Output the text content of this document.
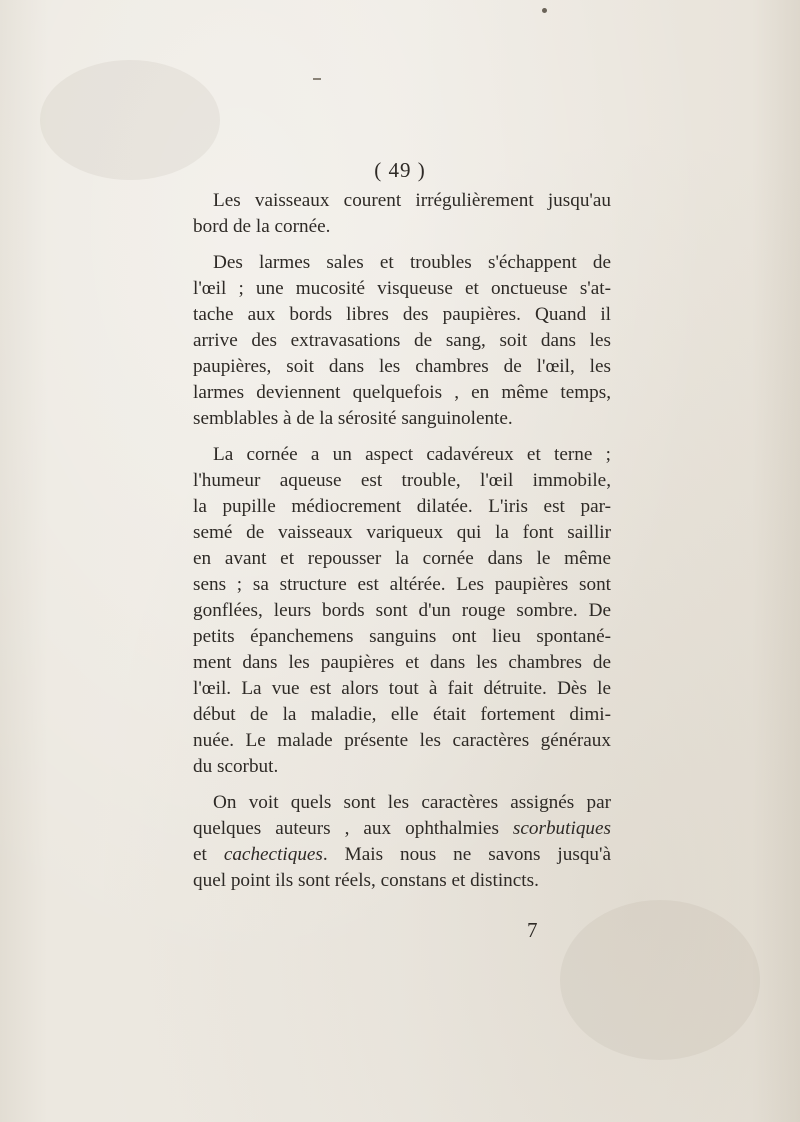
( 49 )
Les vaisseaux courent irrégulièrement jusqu'au
bord de la cornée.
Des larmes sales et troubles s'échappent de
l'œil ; une mucosité visqueuse et onctueuse s'at-
tache aux bords libres des paupières. Quand il
arrive des extravasations de sang, soit dans les
paupières, soit dans les chambres de l'œil, les
larmes deviennent quelquefois , en même temps,
semblables à de la sérosité sanguinolente.
La cornée a un aspect cadavéreux et terne ;
l'humeur aqueuse est trouble, l'œil immobile,
la pupille médiocrement dilatée. L'iris est par-
semé de vaisseaux variqueux qui la font saillir
en avant et repousser la cornée dans le même
sens ; sa structure est altérée. Les paupières sont
gonflées, leurs bords sont d'un rouge sombre. De
petits épanchemens sanguins ont lieu spontané-
ment dans les paupières et dans les chambres de
l'œil. La vue est alors tout à fait détruite. Dès le
début de la maladie, elle était fortement dimi-
nuée. Le malade présente les caractères généraux
du scorbut.
On voit quels sont les caractères assignés par
quelques auteurs , aux ophthalmies scorbutiques
et cachectiques. Mais nous ne savons jusqu'à
quel point ils sont réels, constans et distincts.
7
